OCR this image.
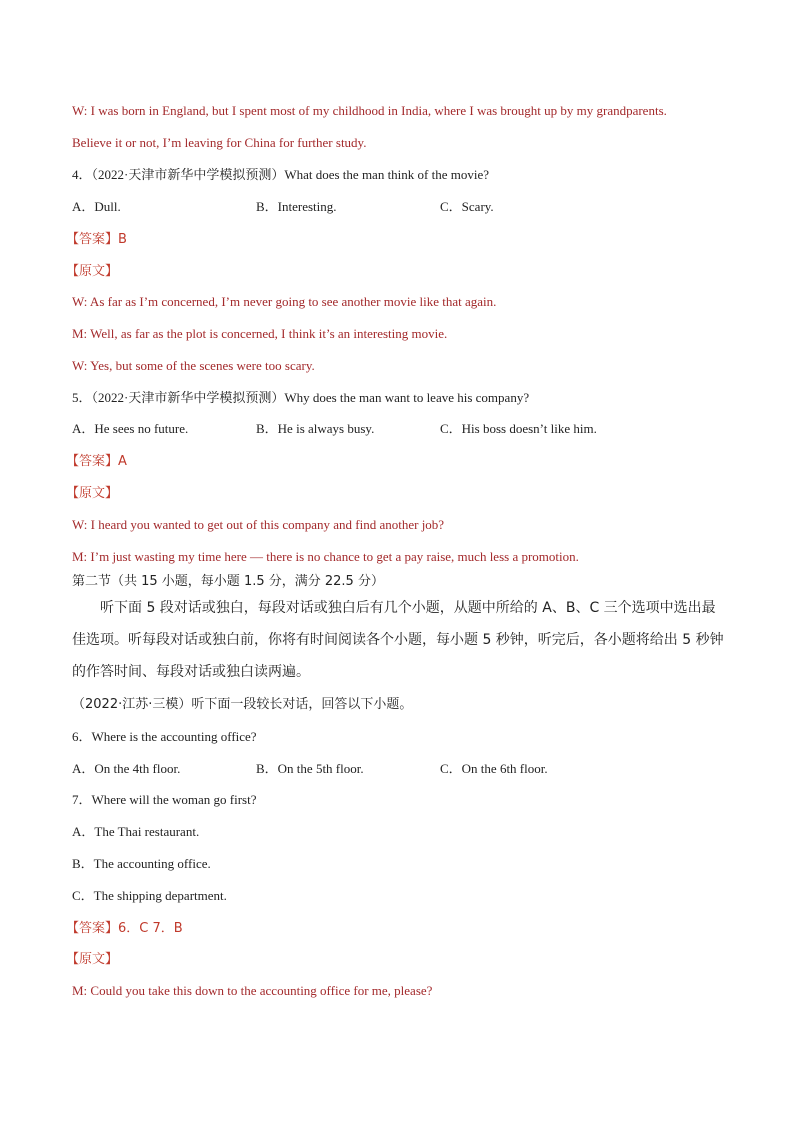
W: I was born in England, but I spent most of my childhood in India, where I was brought up by my grandparents.
Believe it or not, I’m leaving for China for further study.
4．（2022·天津市新华中学模拟预测）What does the man think of the movie?
A．Dull.	B．Interesting.	C．Scary.
【答案】B
【原文】
W: As far as I’m concerned, I’m never going to see another movie like that again.
M: Well, as far as the plot is concerned, I think it’s an interesting movie.
W: Yes, but some of the scenes were too scary.
5．（2022·天津市新华中学模拟预测）Why does the man want to leave his company?
A．He sees no future.	B．He is always busy.	C．His boss doesn’t like him.
【答案】A
【原文】
W: I heard you wanted to get out of this company and find another job?
M: I’m just wasting my time here — there is no chance to get a pay raise, much less a promotion.
第二节（共 15 小题，每小题 1.5 分，满分 22.5 分）
听下面 5 段对话或独白，每段对话或独白后有几个小题，从题中所给的 A、B、C 三个选项中选出最佳选项。听每段对话或独白前，你将有时间阅读各个小题，每小题 5 秒钟，听完后，各小题将给出 5 秒钟的作答时间、每段对话或独白读两遍。
（2022·江苏·三模）听下面一段较长对话，回答以下小题。
6．Where is the accounting office?
A．On the 4th floor.	B．On the 5th floor.	C．On the 6th floor.
7．Where will the woman go first?
A．The Thai restaurant.
B．The accounting office.
C．The shipping department.
【答案】6．C 7．B
【原文】
M: Could you take this down to the accounting office for me, please?
